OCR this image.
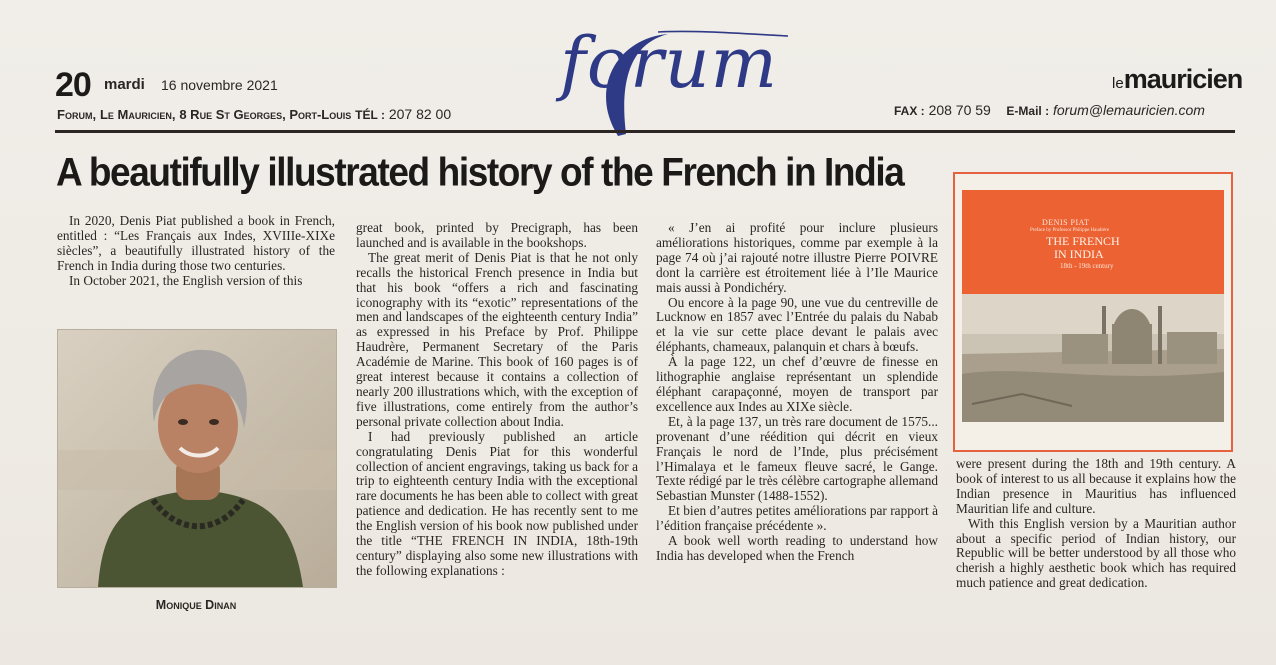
20 mardi 16 novembre 2021
Forum, Le Mauricien, 8 Rue St Georges, Port-Louis TÉL : 207 82 00
forum	lemauricien
FAX : 208 70 59 E-Mail : forum@lemauricien.com
A beautifully illustrated history of the French in India

In 2020, Denis Piat published a book in French, entitled : “Les Français aux Indes, XVIIIe-XIXe siècles”, a beautifully illustrated history of the French in India during those two centuries.

In October 2021, the English version of this

Monique Dinan

great book, printed by Precigraph, has been launched and is available in the bookshops.

The great merit of Denis Piat is that he not only recalls the historical French presence in India but that his book “offers a rich and fascinating iconography with its “exotic” representations of the men and landscapes of the eighteenth century India” as expressed in his Preface by Prof. Philippe Haudrère, Permanent Secretary of the Paris Académie de Marine. This book of 160 pages is of great interest because it contains a collection of nearly 200 illustrations which, with the exception of five illustrations, come entirely from the author’s personal private collection about India.

I had previously published an article congratulating Denis Piat for this wonderful collection of ancient engravings, taking us back for a trip to eighteenth century India with the exceptional rare documents he has been able to collect with great patience and dedication. He has recently sent to me the English version of his book now published under the title “THE FRENCH IN INDIA, 18th-19th century” displaying also some new illustrations with the following explanations :

« J’en ai profité pour inclure plusieurs améliorations historiques, comme par exemple à la page 74 où j’ai rajouté notre illustre Pierre POIVRE dont la carrière est étroitement liée à l’Ile Maurice mais aussi à Pondichéry.

Ou encore à la page 90, une vue du centreville de Lucknow en 1857 avec l’Entrée du palais du Nabab et la vie sur cette place devant le palais avec éléphants, chameaux, palanquin et chars à bœufs.

À la page 122, un chef d’œuvre de finesse en lithographie anglaise représentant un splendide éléphant carapaçonné, moyen de transport par excellence aux Indes au XIXe siècle.

Et, à la page 137, un très rare document de 1575... provenant d’une réédition qui décrit en vieux Français le nord de l’Inde, plus précisément l’Himalaya et le fameux fleuve sacré, le Gange. Texte rédigé par le très célèbre cartographe allemand Sebastian Munster (1488-1552).

Et bien d’autres petites améliorations par rapport à l’édition française précédente ».

A book well worth reading to understand how India has developed when the French

DENIS PIAT
Preface by Professor Philippe Haudrère
THE FRENCH
IN INDIA
18th - 19th century

were present during the 18th and 19th century. A book of interest to us all because it explains how the Indian presence in Mauritius has influenced Mauritian life and culture.

With this English version by a Mauritian author about a specific period of Indian history, our Republic will be better understood by all those who cherish a highly aesthetic book which has required much patience and great dedication.
